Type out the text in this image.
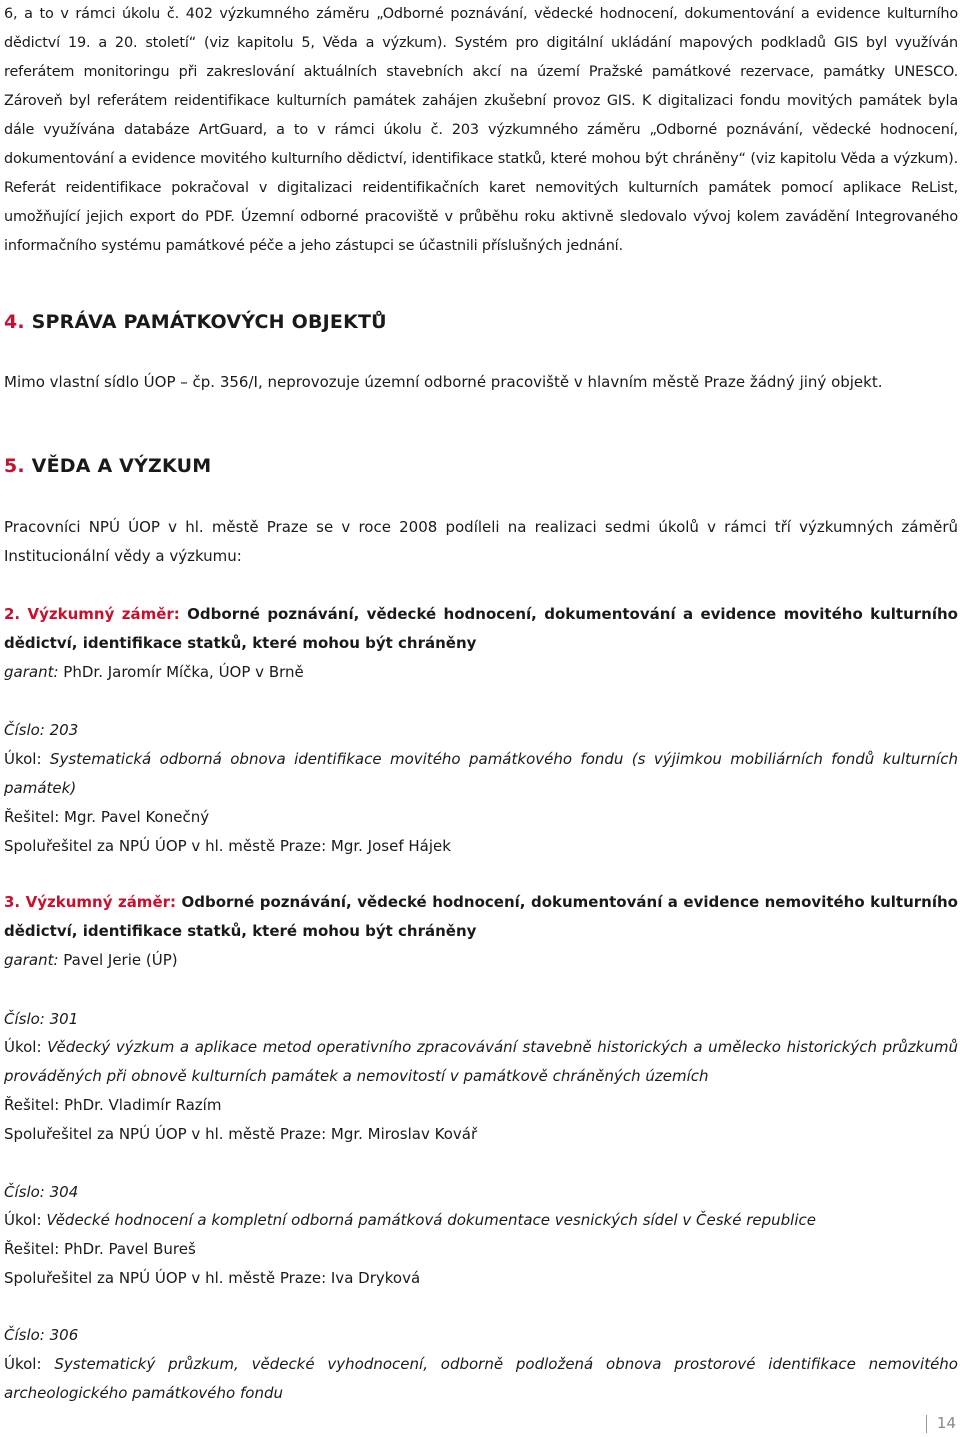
6, a to v rámci úkolu č. 402 výzkumného záměru „Odborné poznávání, vědecké hodnocení, dokumentování a evidence kulturního dědictví 19. a 20. století“ (viz kapitolu 5, Věda a výzkum). Systém pro digitální ukládání mapových podkladů GIS byl využíván referátem monitoringu při zakreslování aktuálních stavebních akcí na území Pražské památkové rezervace, památky UNESCO. Zároveň byl referátem reidentifikace kulturních památek zahájen zkušební provoz GIS. K digitalizaci fondu movitých památek byla dále využívána databáze ArtGuard, a to v rámci úkolu č. 203 výzkumného záměru „Odborné poznávání, vědecké hodnocení, dokumentování a evidence movitého kulturního dědictví, identifikace statků, které mohou být chráněny“ (viz kapitolu Věda a výzkum). Referát reidentifikace pokračoval v digitalizaci reidentifikačních karet nemovitých kulturních památek pomocí aplikace ReList, umožňující jejich export do PDF. Územní odborné pracoviště v průběhu roku aktivně sledovalo vývoj kolem zavádění Integrovaného informačního systému památkové péče a jeho zástupci se účastnili příslušných jednání.

4. SPRÁVA PAMÁTKOVÝCH OBJEKTŮ

Mimo vlastní sídlo ÚOP – čp. 356/I, neprovozuje územní odborné pracoviště v hlavním městě Praze žádný jiný objekt.

5. VĚDA A VÝZKUM

Pracovníci NPÚ ÚOP v hl. městě Praze se v roce 2008 podíleli na realizaci sedmi úkolů v rámci tří výzkumných záměrů Institucionální vědy a výzkumu:

2. Výzkumný záměr: Odborné poznávání, vědecké hodnocení, dokumentování a evidence movitého kulturního dědictví, identifikace statků, které mohou být chráněny

garant: PhDr. Jaromír Míčka, ÚOP v Brně

Číslo: 203

Úkol: Systematická odborná obnova identifikace movitého památkového fondu (s výjimkou mobiliárních fondů kulturních památek)

Řešitel: Mgr. Pavel Konečný

Spoluřešitel za NPÚ ÚOP v hl. městě Praze: Mgr. Josef Hájek

3. Výzkumný záměr: Odborné poznávání, vědecké hodnocení, dokumentování a evidence nemovitého kulturního dědictví, identifikace statků, které mohou být chráněny

garant: Pavel Jerie (ÚP)

Číslo: 301

Úkol: Vědecký výzkum a aplikace metod operativního zpracovávání stavebně historických a umělecko historických průzkumů prováděných při obnově kulturních památek a nemovitostí v památkově chráněných územích

Řešitel: PhDr. Vladimír Razím

Spoluřešitel za NPÚ ÚOP v hl. městě Praze: Mgr. Miroslav Kovář

Číslo: 304

Úkol: Vědecké hodnocení a kompletní odborná památková dokumentace vesnických sídel v České republice

Řešitel: PhDr. Pavel Bureš

Spoluřešitel za NPÚ ÚOP v hl. městě Praze: Iva Dryková

Číslo: 306

Úkol: Systematický průzkum, vědecké vyhodnocení, odborně podložená obnova prostorové identifikace nemovitého archeologického památkového fondu

14
